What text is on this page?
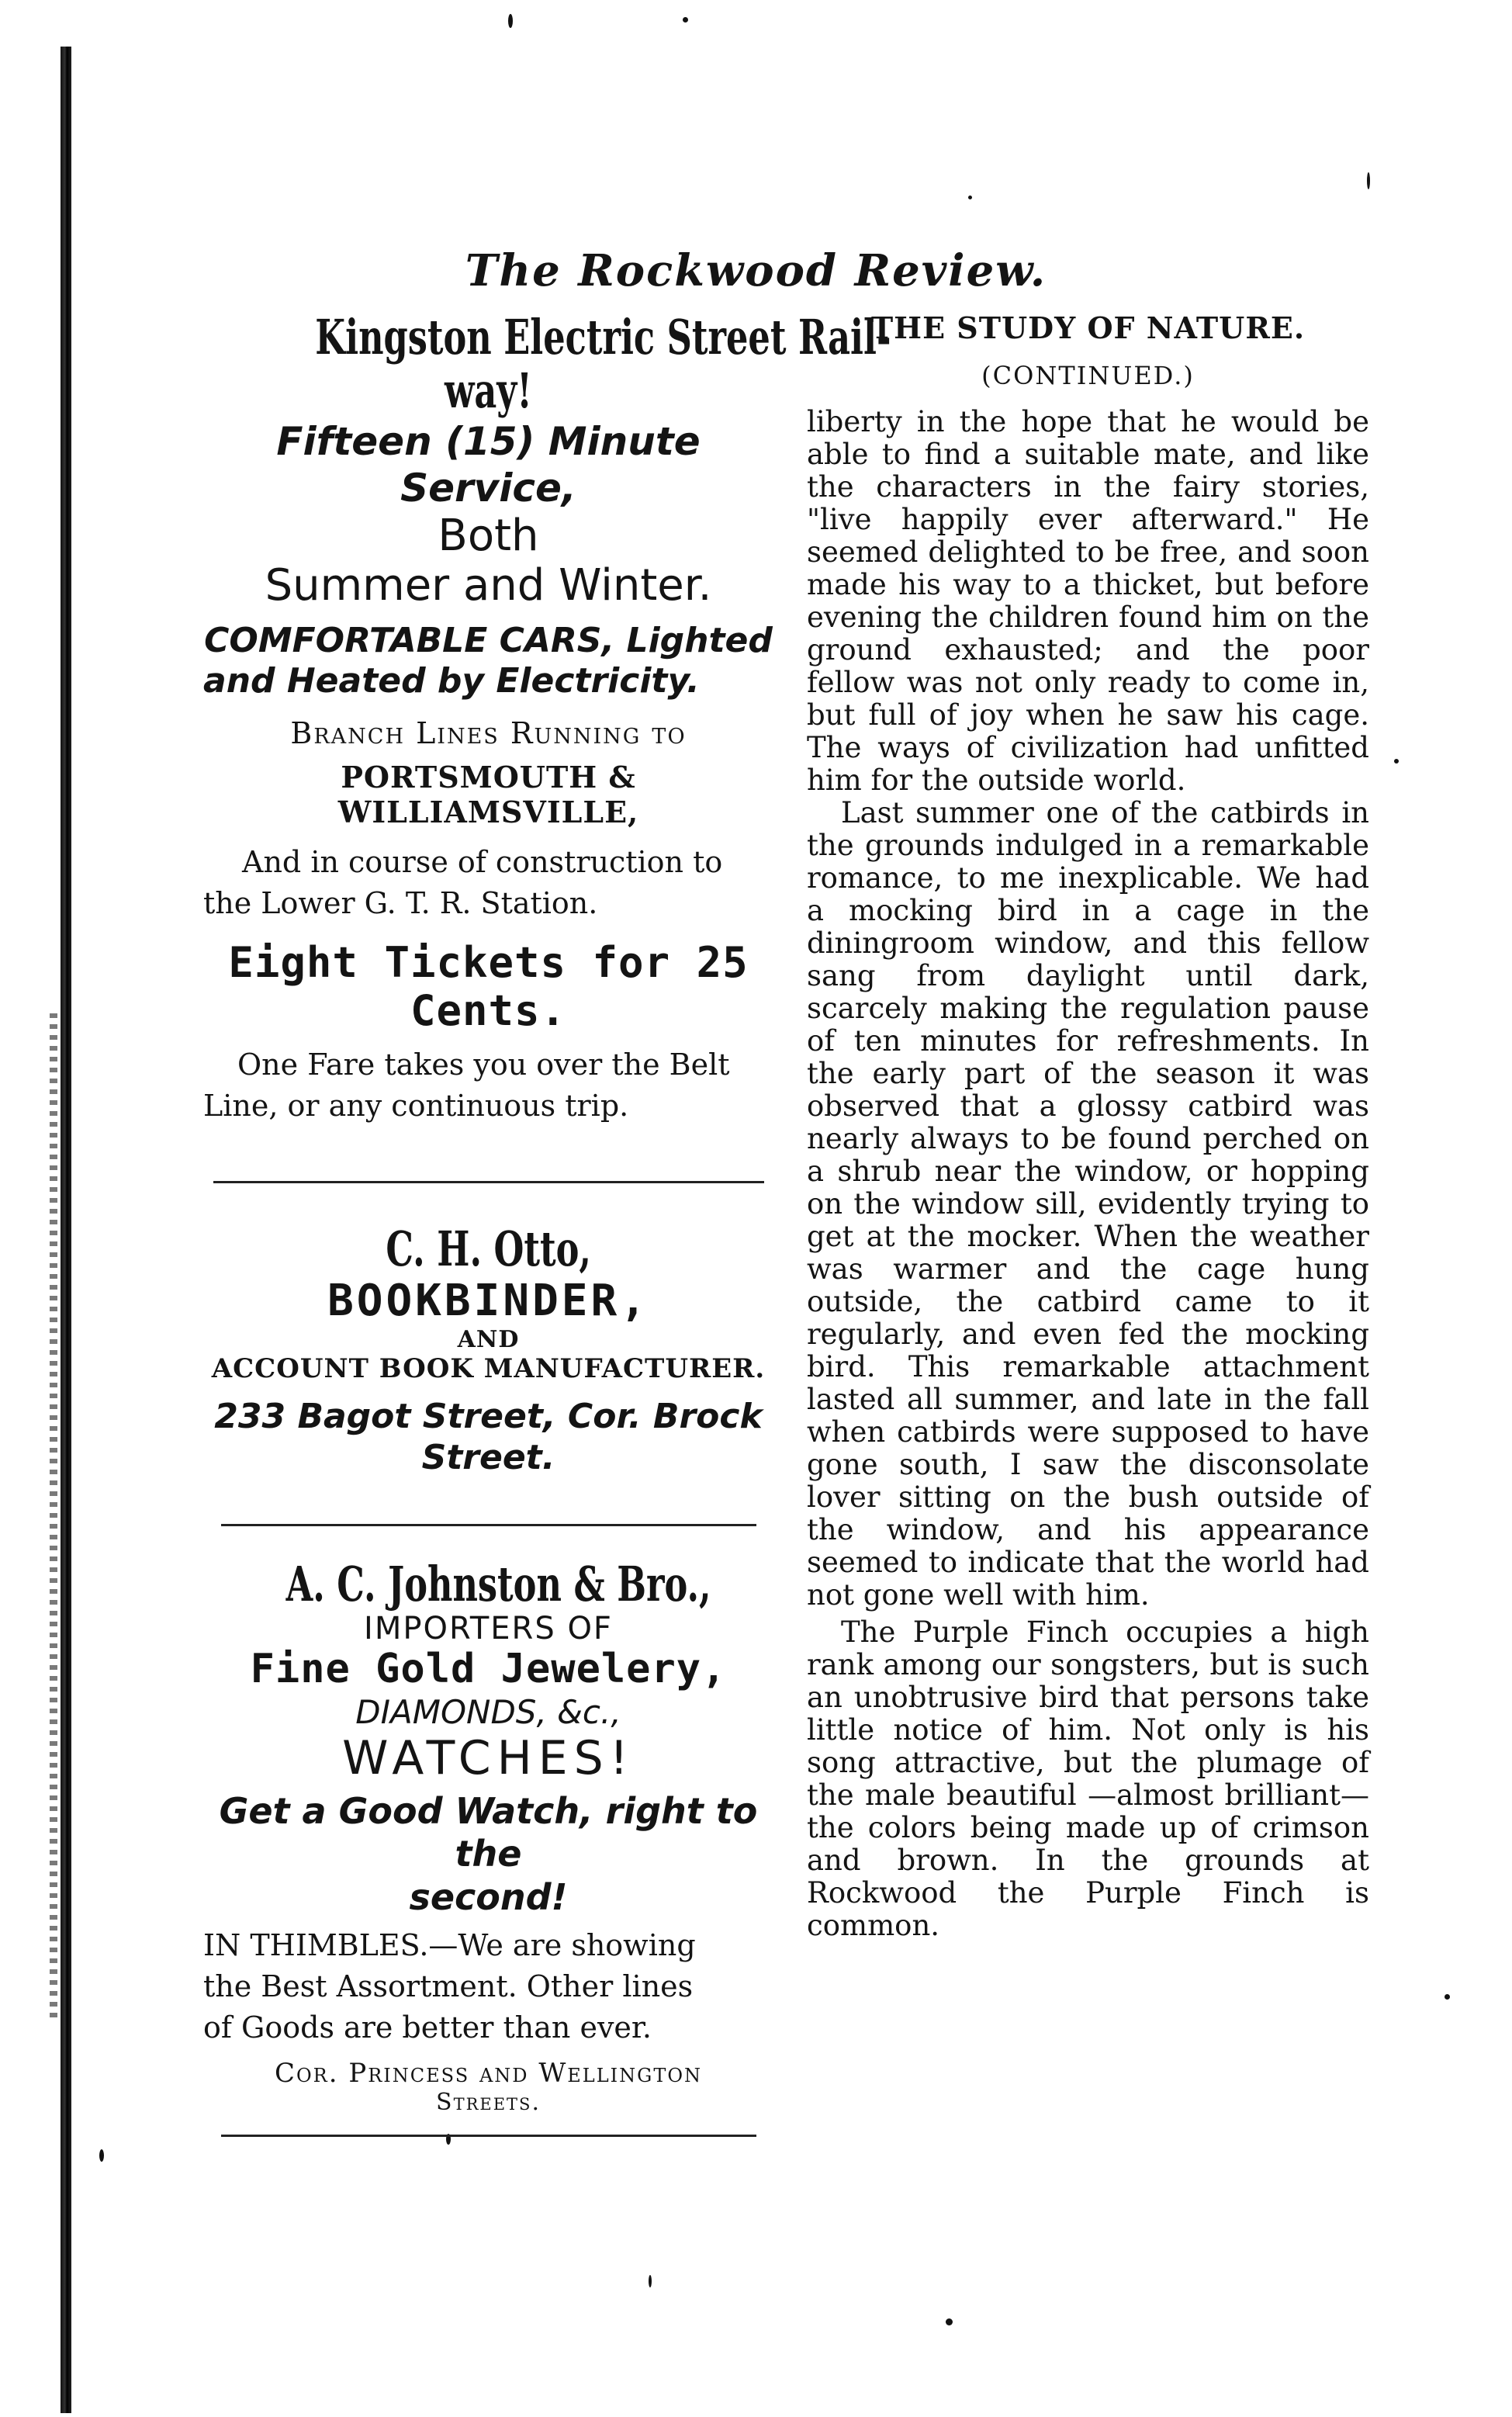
The Rockwood Review.
Kingston Electric Street Rail-
way!
Fifteen (15) Minute Service,
Both
Summer and Winter.
COMFORTABLE CARS, Lighted
and Heated by Electricity.
Branch Lines Running to
PORTSMOUTH & WILLIAMSVILLE,
And in course of construction to
the Lower G. T. R. Station.
Eight Tickets for 25
Cents.
One Fare takes you over the Belt
Line, or any continuous trip.
C. H. Otto,
BOOKBINDER,
AND
ACCOUNT BOOK MANUFACTURER.
233 Bagot Street, Cor. Brock
Street.
A. C. Johnston & Bro.,
IMPORTERS OF
Fine Gold Jewelery,
DIAMONDS, &c.,
WATCHES!
Get a Good Watch, right to the
second!
IN THIMBLES.—We are showing
the Best Assortment. Other lines
of Goods are better than ever.
Cor. Princess and Wellington
Streets.
THE STUDY OF NATURE.
(CONTINUED.)

liberty in the hope that he would be able to find a suitable mate, and like the characters in the fairy stories, "live happily ever afterward." He seemed delighted to be free, and soon made his way to a thicket, but before evening the children found him on the ground exhausted; and the poor fellow was not only ready to come in, but full of joy when he saw his cage. The ways of civilization had unfitted him for the outside world.

Last summer one of the catbirds in the grounds indulged in a remarkable romance, to me inexplicable. We had a mocking bird in a cage in the diningroom window, and this fellow sang from daylight until dark, scarcely making the regulation pause of ten minutes for refreshments. In the early part of the season it was observed that a glossy catbird was nearly always to be found perched on a shrub near the window, or hopping on the window sill, evidently trying to get at the mocker. When the weather was warmer and the cage hung outside, the catbird came to it regularly, and even fed the mocking bird. This remarkable attachment lasted all summer, and late in the fall when catbirds were supposed to have gone south, I saw the disconsolate lover sitting on the bush outside of the window, and his appearance seemed to indicate that the world had not gone well with him.

The Purple Finch occupies a high rank among our songsters, but is such an unobtrusive bird that persons take little notice of him. Not only is his song attractive, but the plumage of the male beautiful —almost brilliant—the colors being made up of crimson and brown. In the grounds at Rockwood the Purple Finch is common.
